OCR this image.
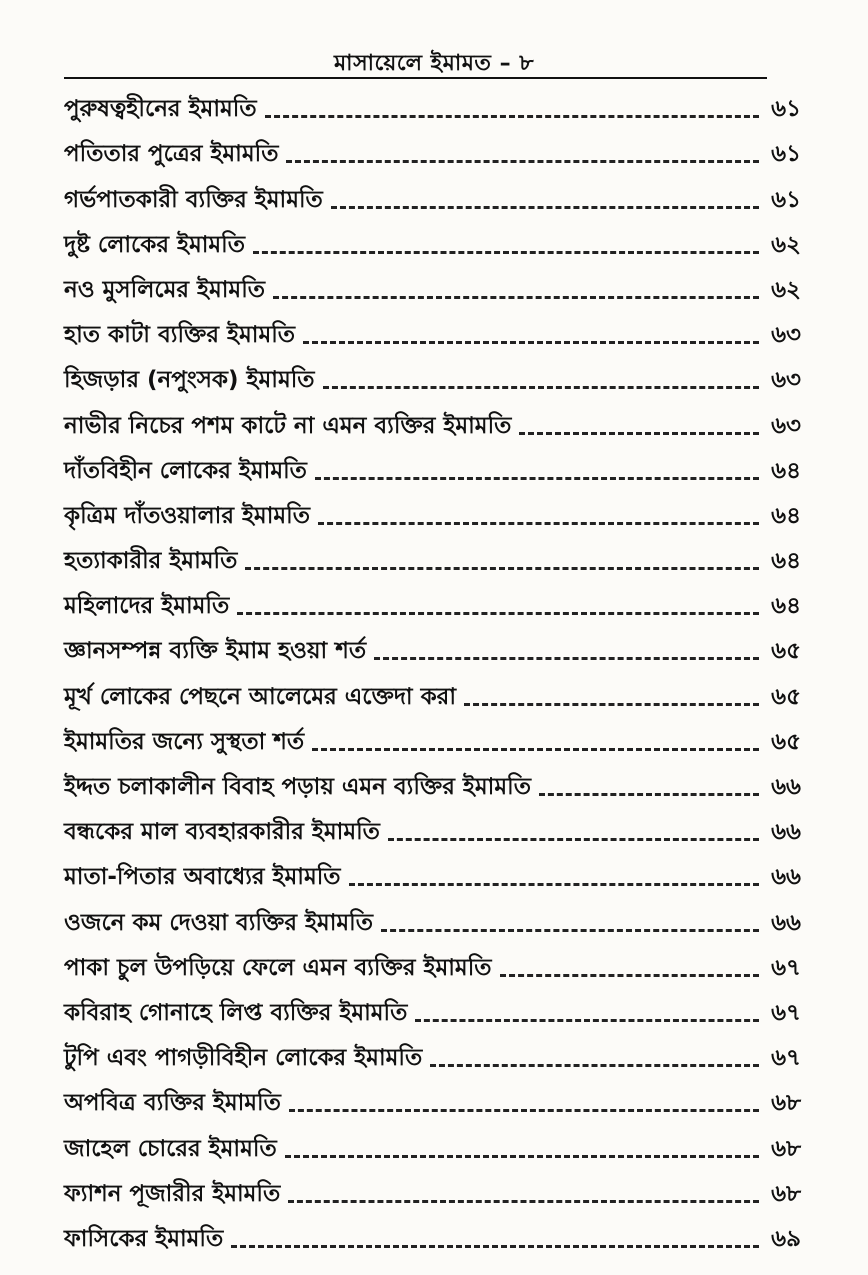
মাসায়েলে ইমামত – ৮
পুরুষত্বহীনের ইমামতি	৬১
পতিতার পুত্রের ইমামতি	৬১
গর্ভপাতকারী ব্যক্তির ইমামতি	৬১
দুষ্ট লোকের ইমামতি	৬২
নও মুসলিমের ইমামতি	৬২
হাত কাটা ব্যক্তির ইমামতি	৬৩
হিজড়ার (নপুংসক) ইমামতি	৬৩
নাভীর নিচের পশম কাটে না এমন ব্যক্তির ইমামতি	৬৩
দাঁতবিহীন লোকের ইমামতি	৬৪
কৃত্রিম দাঁতওয়ালার ইমামতি	৬৪
হত্যাকারীর ইমামতি	৬৪
মহিলাদের ইমামতি	৬৪
জ্ঞানসম্পন্ন ব্যক্তি ইমাম হওয়া শর্ত	৬৫
মূর্খ লোকের পেছনে আলেমের এক্তেদা করা	৬৫
ইমামতির জন্যে সুস্থতা শর্ত	৬৫
ইদ্দত চলাকালীন বিবাহ পড়ায় এমন ব্যক্তির ইমামতি	৬৬
বন্ধকের মাল ব্যবহারকারীর ইমামতি	৬৬
মাতা-পিতার অবাধ্যের ইমামতি	৬৬
ওজনে কম দেওয়া ব্যক্তির ইমামতি	৬৬
পাকা চুল উপড়িয়ে ফেলে এমন ব্যক্তির ইমামতি	৬৭
কবিরাহ গোনাহে লিপ্ত ব্যক্তির ইমামতি	৬৭
টুপি এবং পাগড়ীবিহীন লোকের ইমামতি	৬৭
অপবিত্র ব্যক্তির ইমামতি	৬৮
জাহেল চোরের ইমামতি	৬৮
ফ্যাশন পূজারীর ইমামতি	৬৮
ফাসিকের ইমামতি	৬৯
